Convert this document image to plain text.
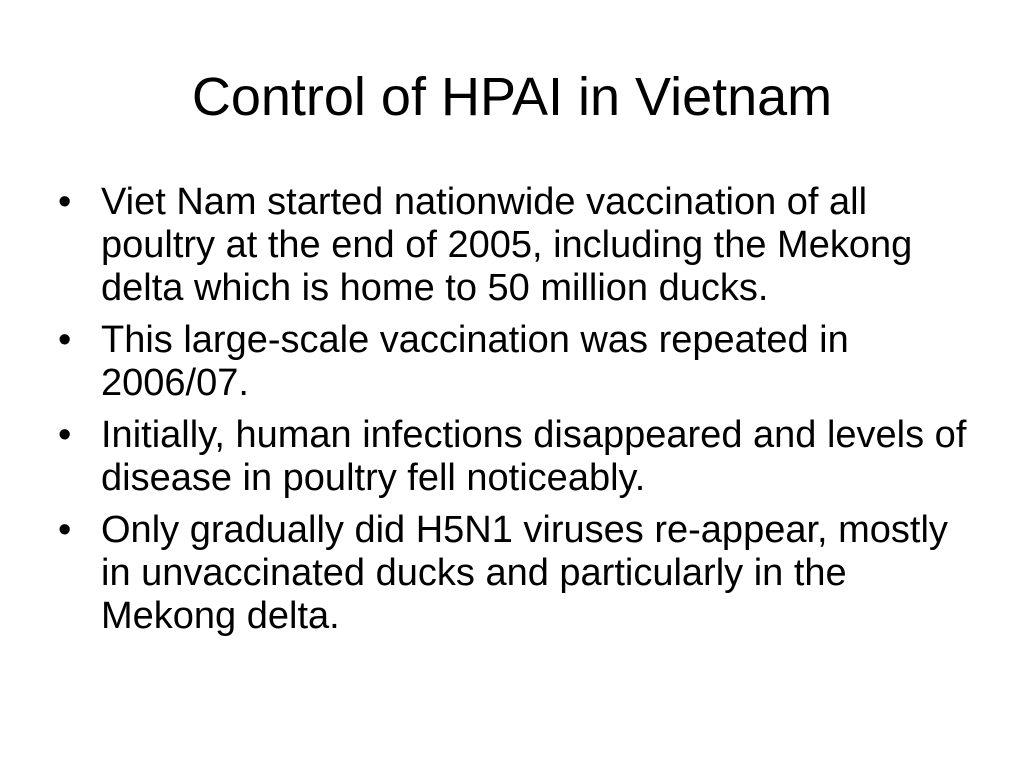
Control of HPAI in Vietnam
• Viet Nam started nationwide vaccination of all poultry at the end of 2005, including the Mekong delta which is home to 50 million ducks.
• This large-scale vaccination was repeated in 2006/07.
• Initially, human infections disappeared and levels of disease in poultry fell noticeably.
• Only gradually did H5N1 viruses re-appear, mostly in unvaccinated ducks and particularly in the Mekong delta.
